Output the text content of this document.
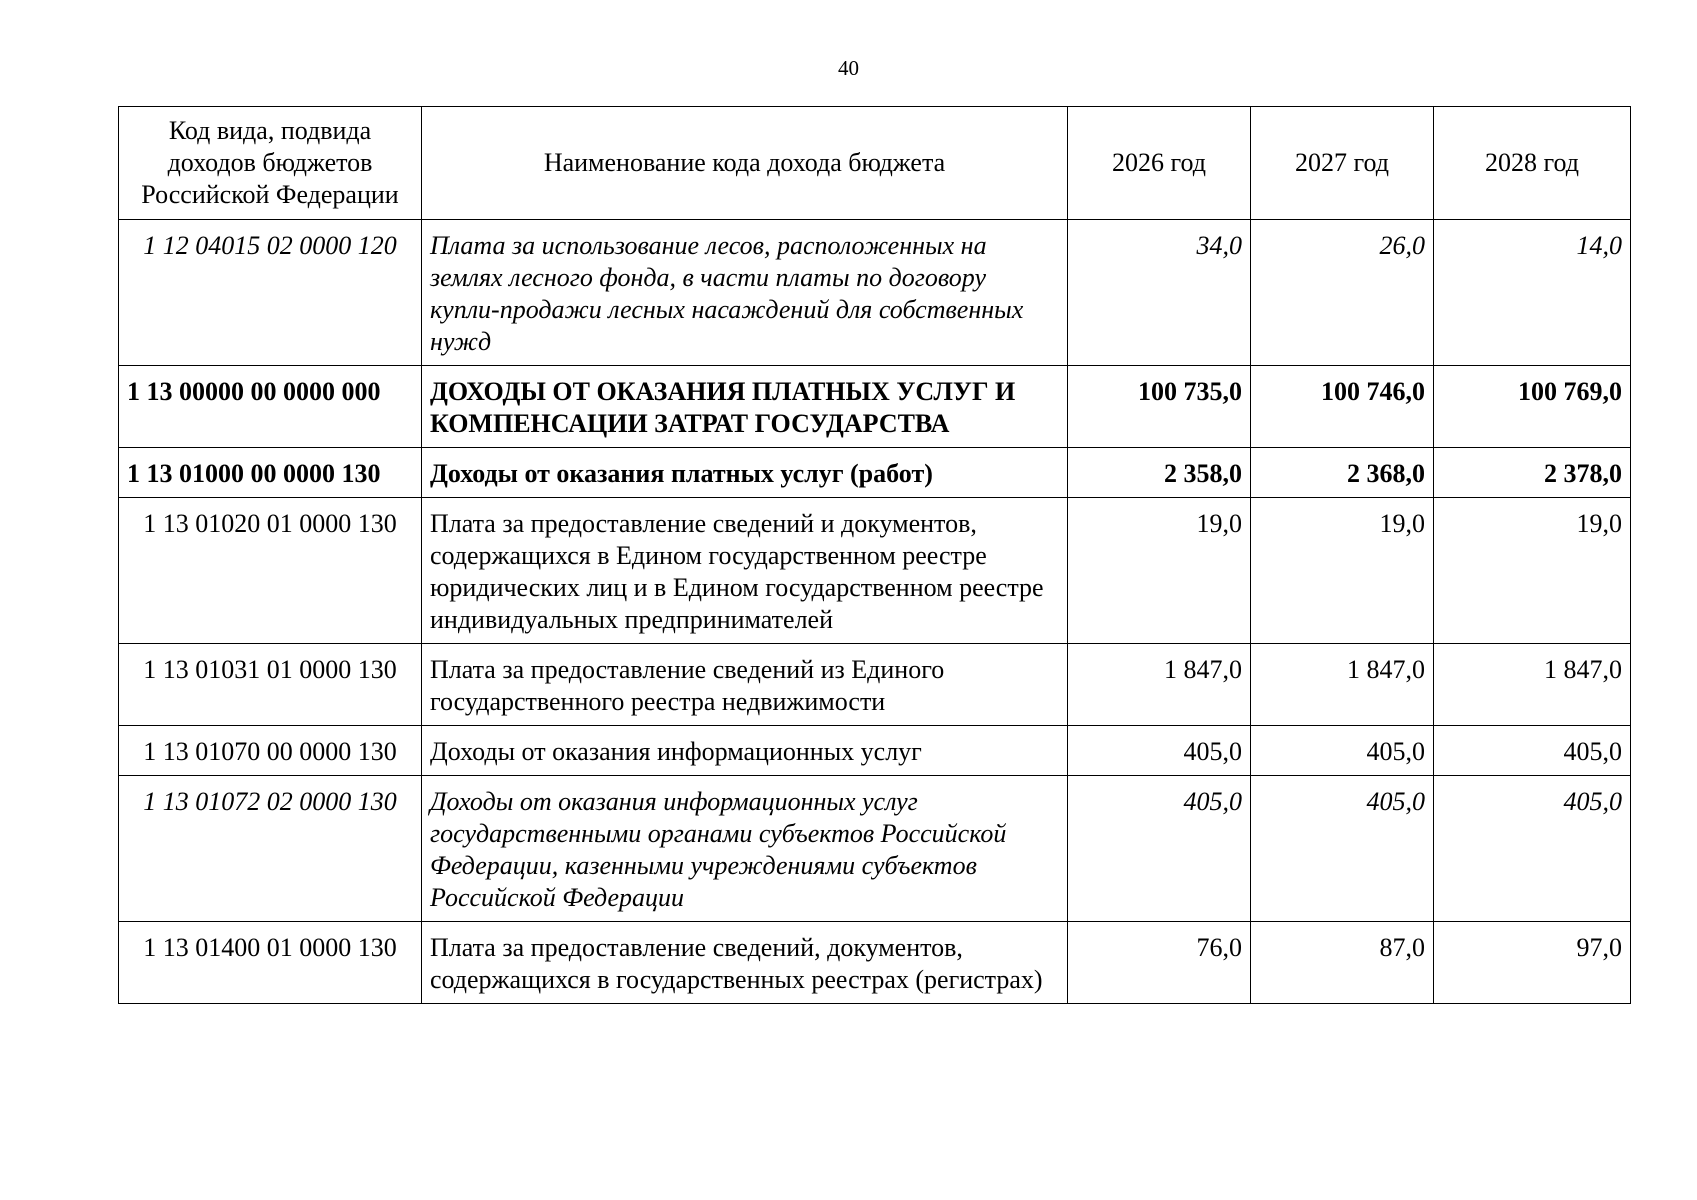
40
Код вида, подвида доходов бюджетов Российской Федерации	Наименование кода дохода бюджета	2026 год	2027 год	2028 год
1 12 04015 02 0000 120	Плата за использование лесов, расположенных на землях лесного фонда, в части платы по договору купли-продажи лесных насаждений для собственных нужд	34,0	26,0	14,0
1 13 00000 00 0000 000	ДОХОДЫ ОТ ОКАЗАНИЯ ПЛАТНЫХ УСЛУГ И КОМПЕНСАЦИИ ЗАТРАТ ГОСУДАРСТВА	100 735,0	100 746,0	100 769,0
1 13 01000 00 0000 130	Доходы от оказания платных услуг (работ)	2 358,0	2 368,0	2 378,0
1 13 01020 01 0000 130	Плата за предоставление сведений и документов, содержащихся в Едином государственном реестре юридических лиц и в Едином государственном реестре индивидуальных предпринимателей	19,0	19,0	19,0
1 13 01031 01 0000 130	Плата за предоставление сведений из Единого государственного реестра недвижимости	1 847,0	1 847,0	1 847,0
1 13 01070 00 0000 130	Доходы от оказания информационных услуг	405,0	405,0	405,0
1 13 01072 02 0000 130	Доходы от оказания информационных услуг государственными органами субъектов Российской Федерации, казенными учреждениями субъектов Российской Федерации	405,0	405,0	405,0
1 13 01400 01 0000 130	Плата за предоставление сведений, документов, содержащихся в государственных реестрах (регистрах)	76,0	87,0	97,0
